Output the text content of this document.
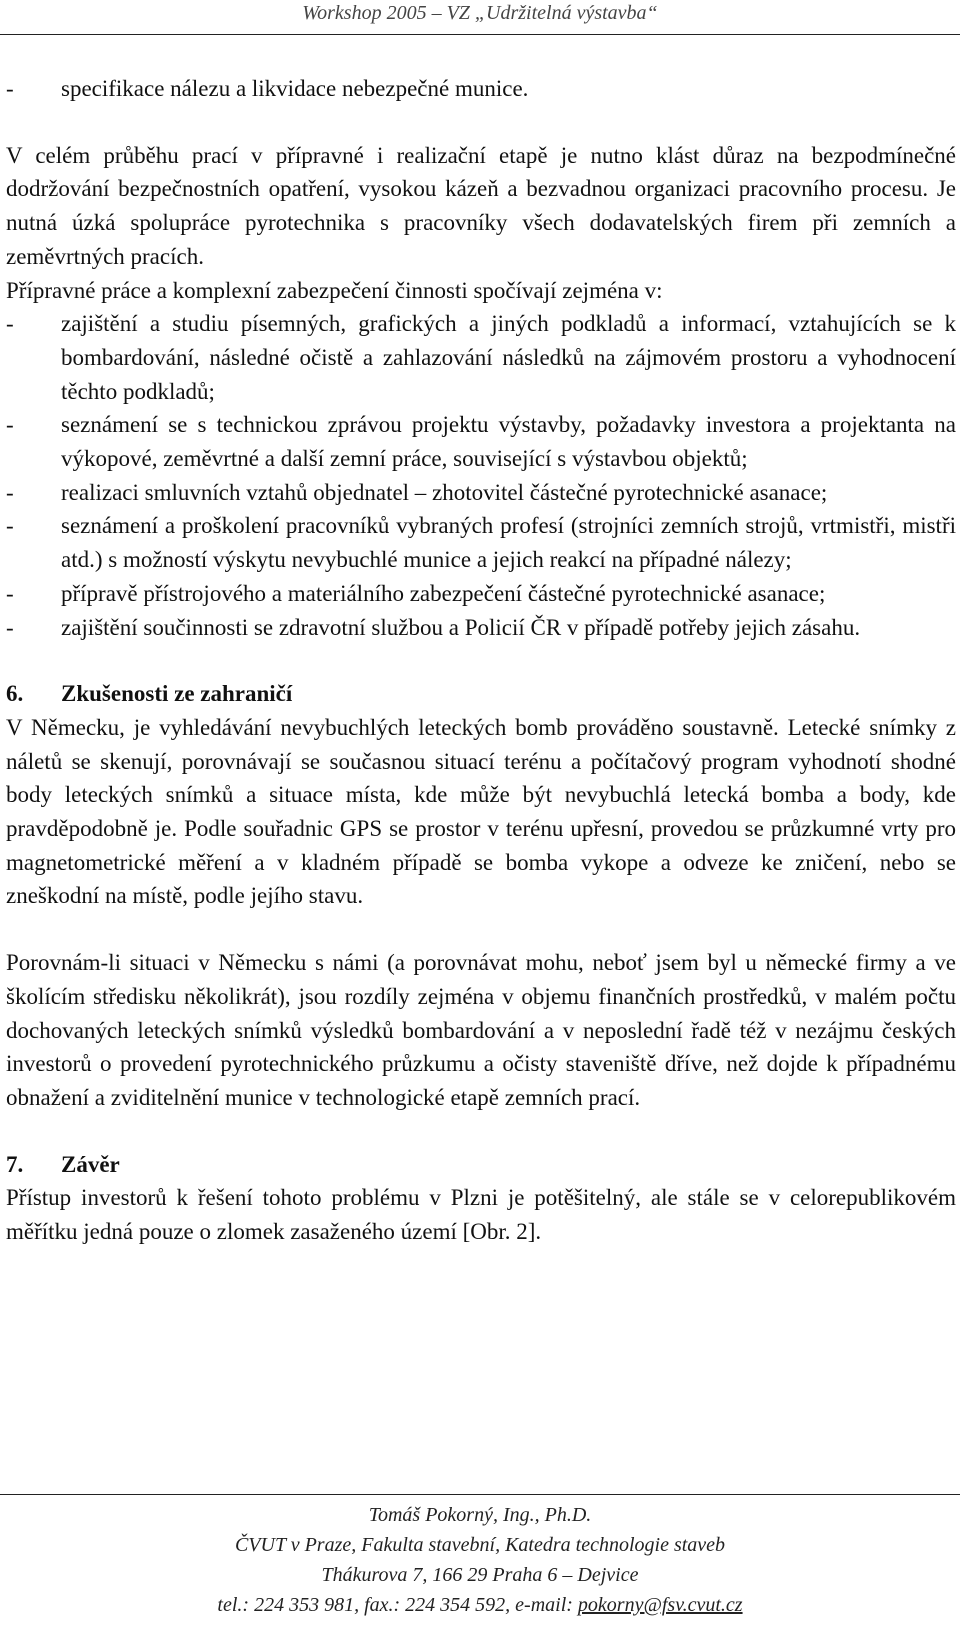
Workshop 2005 – VZ „Udržitelná výstavba“
- specifikace nálezu a likvidace nebezpečné munice.

V celém průběhu prací v přípravné i realizační etapě je nutno klást důraz na bezpodmínečné dodržování bezpečnostních opatření, vysokou kázeň a bezvadnou organizaci pracovního procesu. Je nutná úzká spolupráce pyrotechnika s pracovníky všech dodavatelských firem při zemních a zeměvrtných pracích.

Přípravné práce a komplexní zabezpečení činnosti spočívají zejména v:

- zajištění a studiu písemných, grafických a jiných podkladů a informací, vztahujících se k bombardování, následné očistě a zahlazování následků na zájmovém prostoru a vyhodnocení těchto podkladů;
- seznámení se s technickou zprávou projektu výstavby, požadavky investora a projektanta na výkopové, zeměvrtné a další zemní práce, související s výstavbou objektů;
- realizaci smluvních vztahů objednatel – zhotovitel částečné pyrotechnické asanace;
- seznámení a proškolení pracovníků vybraných profesí (strojníci zemních strojů, vrtmistři, mistři atd.) s možností výskytu nevybuchlé munice a jejich reakcí na případné nálezy;
- přípravě přístrojového a materiálního zabezpečení částečné pyrotechnické asanace;
- zajištění součinnosti se zdravotní službou a Policií ČR v případě potřeby jejich zásahu.
6. Zkušenosti ze zahraničí

V Německu, je vyhledávání nevybuchlých leteckých bomb prováděno soustavně. Letecké snímky z náletů se skenují, porovnávají se současnou situací terénu a počítačový program vyhodnotí shodné body leteckých snímků a situace místa, kde může být nevybuchlá letecká bomba a body, kde pravděpodobně je. Podle souřadnic GPS se prostor v terénu upřesní, provedou se průzkumné vrty pro magnetometrické měření a v kladném případě se bomba vykope a odveze ke zničení, nebo se zneškodní na místě, podle jejího stavu.

Porovnám-li situaci v Německu s námi (a porovnávat mohu, neboť jsem byl u německé firmy a ve školícím středisku několikrát), jsou rozdíly zejména v objemu finančních prostředků, v malém počtu dochovaných leteckých snímků výsledků bombardování a v neposlední řadě též v nezájmu českých investorů o provedení pyrotechnického průzkumu a očisty staveniště dříve, než dojde k případnému obnažení a zviditelnění munice v technologické etapě zemních prací.

7. Závěr

Přístup investorů k řešení tohoto problému v Plzni je potěšitelný, ale stále se v celorepublikovém měřítku jedná pouze o zlomek zasaženého území [Obr. 2].

Tomáš Pokorný, Ing., Ph.D.
ČVUT v Praze, Fakulta stavební, Katedra technologie staveb
Thákurova 7, 166 29 Praha 6 – Dejvice
tel.: 224 353 981, fax.: 224 354 592, e-mail: pokorny@fsv.cvut.cz
